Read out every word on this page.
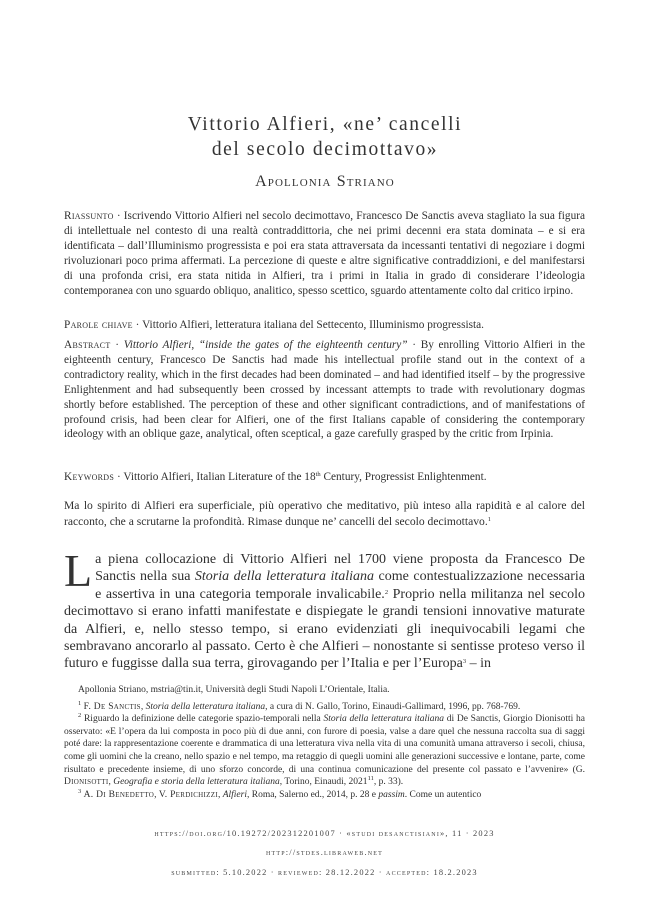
Vittorio Alfieri, «ne’ cancelli
del secolo decimottavo»
Apollonia Striano
Riassunto · Iscrivendo Vittorio Alfieri nel secolo decimottavo, Francesco De Sanctis aveva stagliato la sua figura di intellettuale nel contesto di una realtà contraddittoria, che nei primi decenni era stata dominata – e si era identificata – dall’Illuminismo progressista e poi era stata attraversata da incessanti tentativi di negoziare i dogmi rivoluzionari poco prima affermati. La percezione di queste e altre significative contraddizioni, e del manifestarsi di una profonda crisi, era stata nitida in Alfieri, tra i primi in Italia in grado di considerare l’ideologia contemporanea con uno sguardo obliquo, analitico, spesso scettico, sguardo attentamente colto dal critico irpino.
Parole chiave · Vittorio Alfieri, letteratura italiana del Settecento, Illuminismo progressista.
Abstract · Vittorio Alfieri, “inside the gates of the eighteenth century” · By enrolling Vittorio Alfieri in the eighteenth century, Francesco De Sanctis had made his intellectual profile stand out in the context of a contradictory reality, which in the first decades had been dominated – and had identified itself – by the progressive Enlightenment and had subsequently been crossed by incessant attempts to trade with revolutionary dogmas shortly before established. The perception of these and other significant contradictions, and of manifestations of profound crisis, had been clear for Alfieri, one of the first Italians capable of considering the contemporary ideology with an oblique gaze, analytical, often sceptical, a gaze carefully grasped by the critic from Irpinia.
Keywords · Vittorio Alfieri, Italian Literature of the 18th Century, Progressist Enlightenment.
Ma lo spirito di Alfieri era superficiale, più operativo che meditativo, più inteso alla rapidità e al calore del racconto, che a scrutarne la profondità. Rimase dunque ne’ cancelli del secolo decimottavo.$^1$
La piena collocazione di Vittorio Alfieri nel 1700 viene proposta da Francesco De Sanctis nella sua Storia della letteratura italiana come contestualizzazione necessaria e assertiva in una categoria temporale invalicabile.$^2$ Proprio nella militanza nel secolo decimottavo si erano infatti manifestate e dispiegate le grandi tensioni innovative maturate da Alfieri, e, nello stesso tempo, si erano evidenziati gli inequivocabili legami che sembravano ancorarlo al passato. Certo è che Alfieri – nonostante si sentisse proteso verso il futuro e fuggisse dalla sua terra, girovagando per l’Italia e per l’Europa$^3$ – in

Apollonia Striano, mstria@tin.it, Università degli Studi Napoli L’Orientale, Italia.

$^1$ F. De Sanctis, Storia della letteratura italiana, a cura di N. Gallo, Torino, Einaudi-Gallimard, 1996, pp. 768-769.

$^2$ Riguardo la definizione delle categorie spazio-temporali nella Storia della letteratura italiana di De Sanctis, Giorgio Dionisotti ha osservato: «E l’opera da lui composta in poco più di due anni, con furore di poesia, valse a dare quel che nessuna raccolta sua di saggi poté dare: la rappresentazione coerente e drammatica di una letteratura viva nella vita di una comunità umana attraverso i secoli, chiusa, come gli uomini che la creano, nello spazio e nel tempo, ma retaggio di quegli uomini alle generazioni successive e lontane, parte, come risultato e precedente insieme, di uno sforzo concorde, di una continua comunicazione del presente col passato e l’avvenire» (G. Dionisotti, Geografia e storia della letteratura italiana, Torino, Einaudi, 2021$^{11}$, p. 33).

$^3$ A. Di Benedetto, V. Perdichizzi, Alfieri, Roma, Salerno ed., 2014, p. 28 e passim. Come un autentico

https://doi.org/10.19272/202312201007 · «studi desanctisiani», 11 · 2023
http://stdes.libraweb.net
submitted: 5.10.2022 · reviewed: 28.12.2022 · accepted: 18.2.2023
